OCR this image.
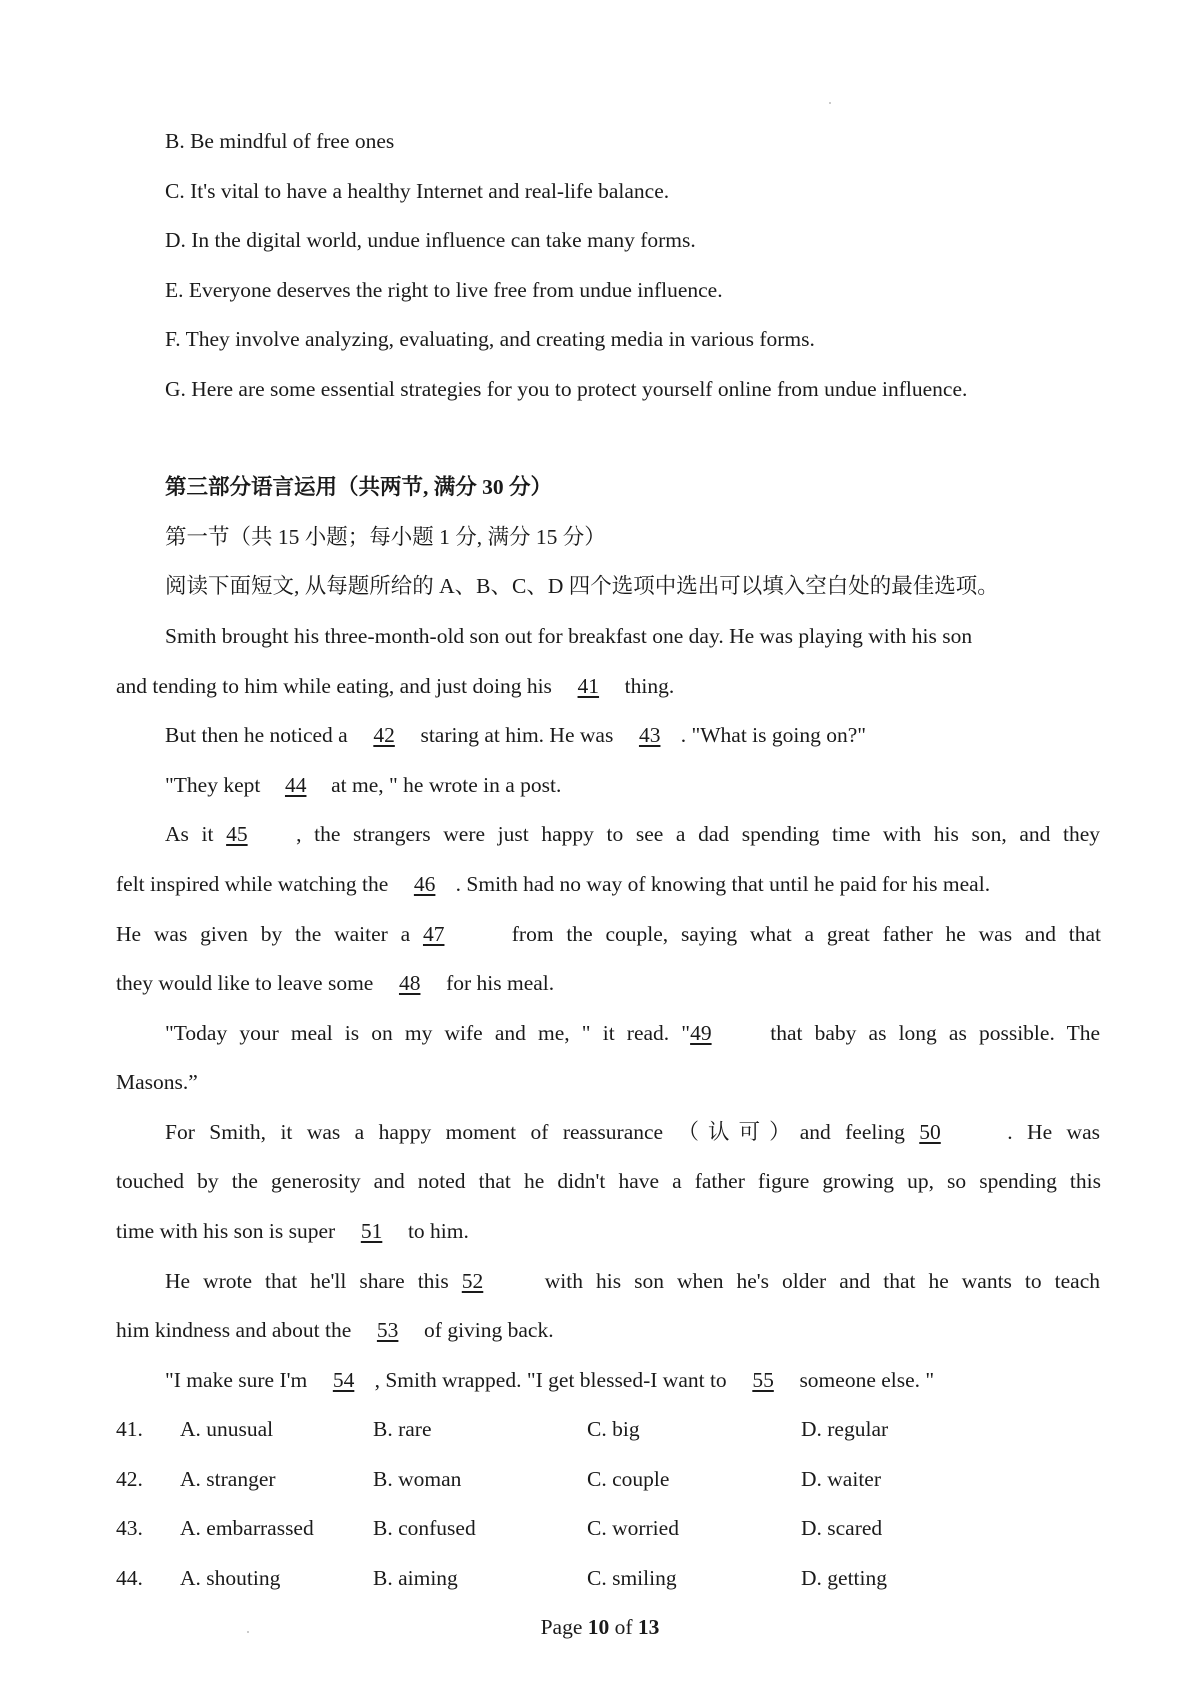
B. Be mindful of free ones
C. It's vital to have a healthy Internet and real-life balance.
D. In the digital world, undue influence can take many forms.
E. Everyone deserves the right to live free from undue influence.
F. They involve analyzing, evaluating, and creating media in various forms.
G. Here are some essential strategies for you to protect yourself online from undue influence.
第三部分语言运用（共两节, 满分 30 分）
第一节（共 15 小题；每小题 1 分, 满分 15 分）
阅读下面短文, 从每题所给的 A、B、C、D 四个选项中选出可以填入空白处的最佳选项。
Smith brought his three-month-old son out for breakfast one day. He was playing with his son
and tending to him while eating, and just doing his 41 thing.
But then he noticed a 42 staring at him. He was 43 . "What is going on?"
"They kept 44 at me, " he wrote in a post.
As it 45 , the strangers were just happy to see a dad spending time with his son, and they
felt inspired while watching the 46 . Smith had no way of knowing that until he paid for his meal.
He was given by the waiter a 47	from the couple, saying what a great father he was and that
they would like to leave some 48 for his meal.
"Today your meal is on my wife and me, " it read. "49 that baby as long as possible. The
Masons.”
For Smith, it was a happy moment of reassurance （认可）and feeling 50	. He was
touched by the generosity and noted that he didn't have a father figure growing up, so spending this
time with his son is super 51 to him.
He wrote that he'll share this 52 with his son when he's older and that he wants to teach
him kindness and about the 53 of giving back.
"I make sure I'm 54 , Smith wrapped. "I get blessed-I want to 55 someone else. "
41. A. unusual	B. rare	C. big	D. regular
42. A. stranger	B. woman	C. couple	D. waiter
43. A. embarrassed	B. confused	C. worried	D. scared
44. A. shouting	B. aiming	C. smiling	D. getting
Page 10 of 13
